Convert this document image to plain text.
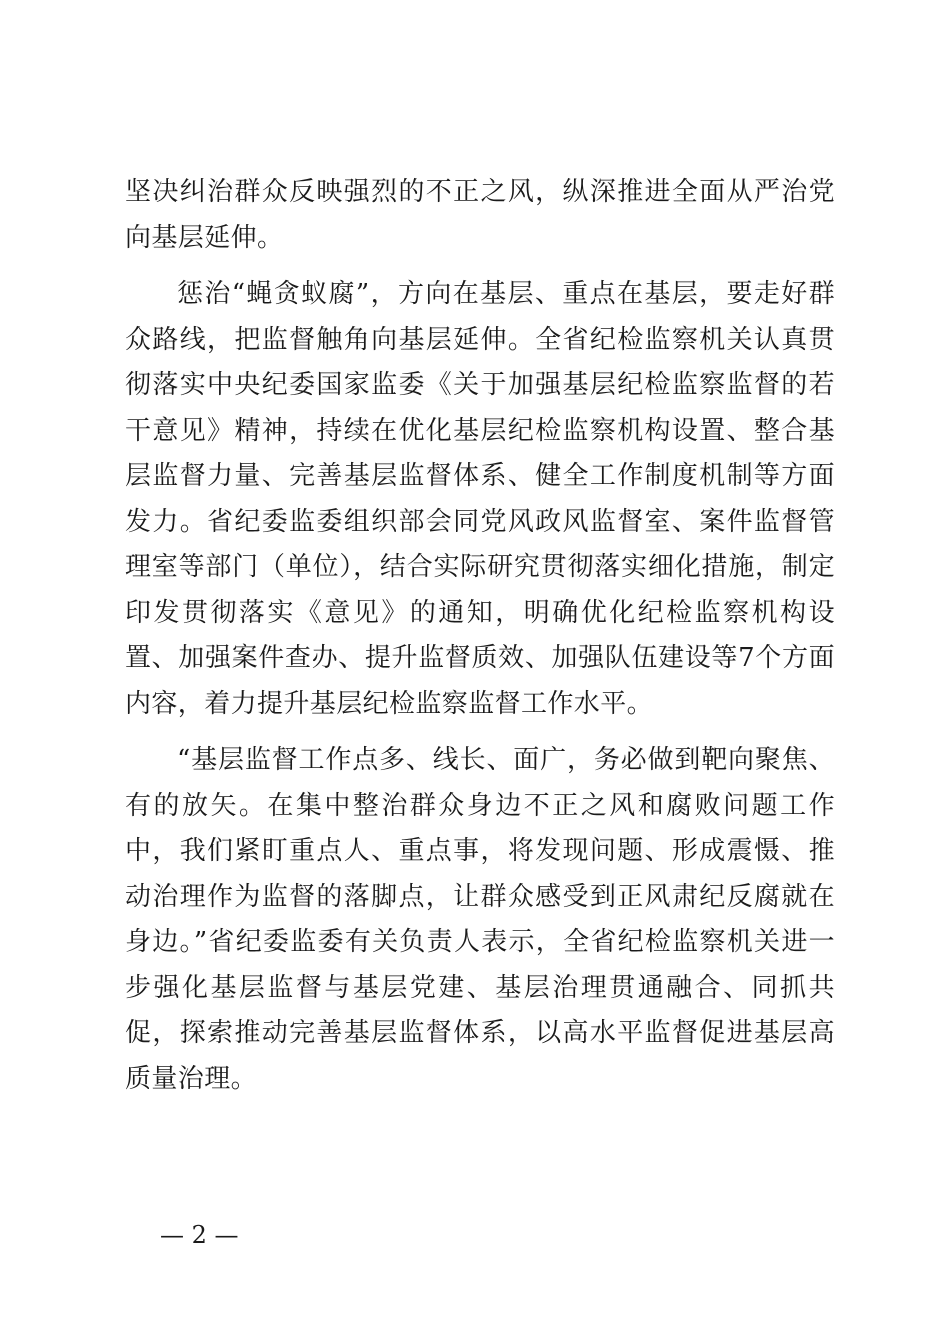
坚决纠治群众反映强烈的不正之风，纵深推进全面从严治党向基层延伸。

惩治“蝇贪蚁腐”，方向在基层、重点在基层，要走好群众路线，把监督触角向基层延伸。全省纪检监察机关认真贯彻落实中央纪委国家监委《关于加强基层纪检监察监督的若干意见》精神，持续在优化基层纪检监察机构设置、整合基层监督力量、完善基层监督体系、健全工作制度机制等方面发力。省纪委监委组织部会同党风政风监督室、案件监督管理室等部门（单位），结合实际研究贯彻落实细化措施，制定印发贯彻落实《意见》的通知，明确优化纪检监察机构设置、加强案件查办、提升监督质效、加强队伍建设等7个方面内容，着力提升基层纪检监察监督工作水平。

“基层监督工作点多、线长、面广，务必做到靶向聚焦、有的放矢。在集中整治群众身边不正之风和腐败问题工作中，我们紧盯重点人、重点事，将发现问题、形成震慑、推动治理作为监督的落脚点，让群众感受到正风肃纪反腐就在身边。”省纪委监委有关负责人表示，全省纪检监察机关进一步强化基层监督与基层党建、基层治理贯通融合、同抓共促，探索推动完善基层监督体系，以高水平监督促进基层高质量治理。

— 2 —
